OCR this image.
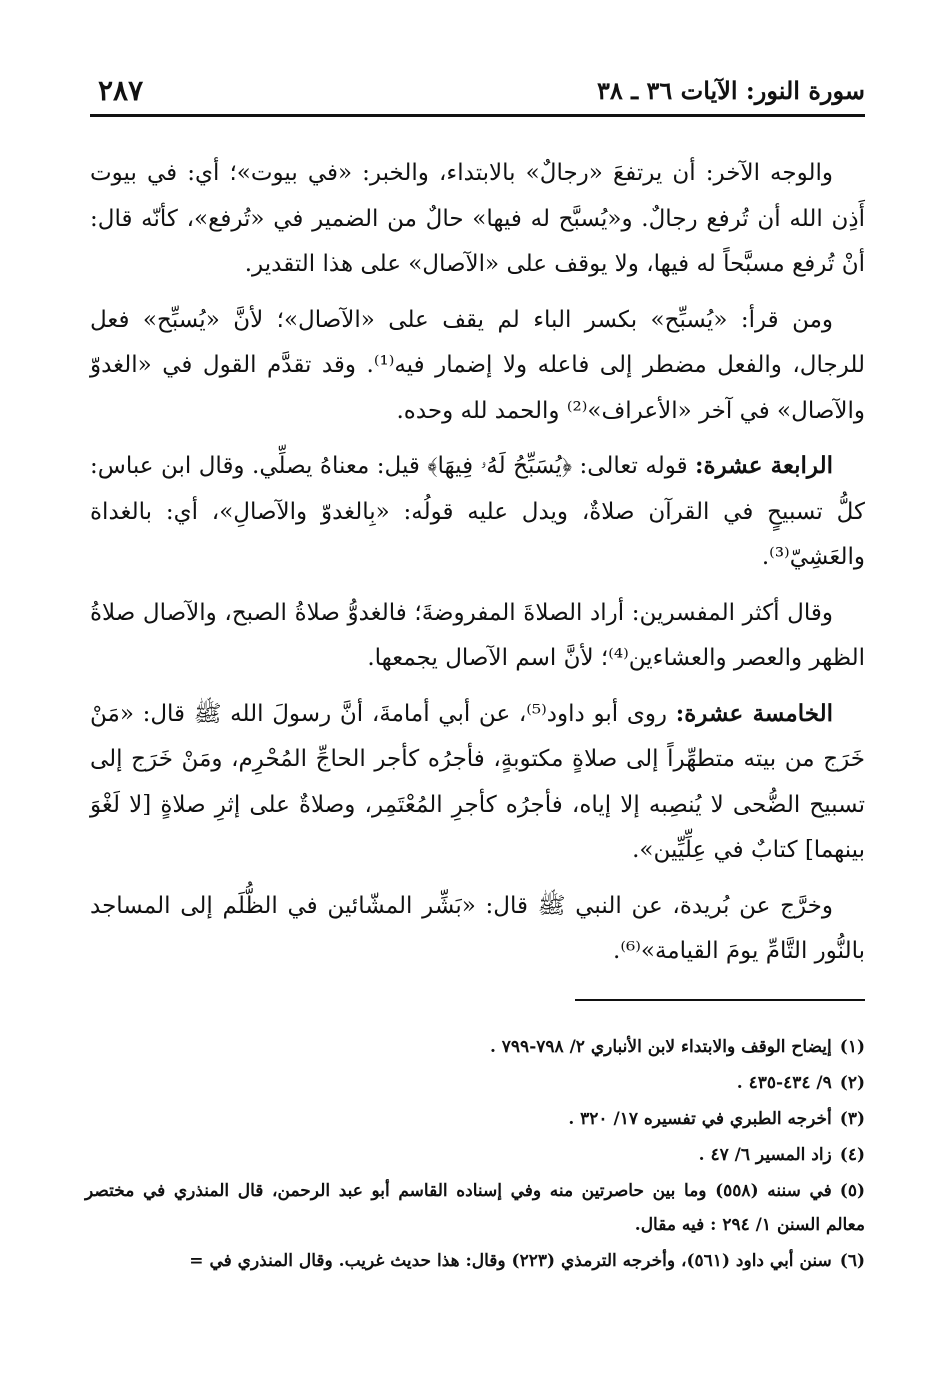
سورة النور: الآيات ٣٦ ـ ٣٨
٢٨٧

والوجه الآخر: أن يرتفعَ «رجالٌ» بالابتداء، والخبر: «في بيوت»؛ أي: في بيوت أَذِن الله أن تُرفع رجالٌ. و«يُسبَّح له فيها» حالٌ من الضمير في «تُرفع»، كأنّه قال: أنْ تُرفع مسبَّحاً له فيها، ولا يوقف على «الآصال» على هذا التقدير.

ومن قرأ: «يُسبِّح» بكسر الباء لم يقف على «الآصال»؛ لأنَّ «يُسبِّح» فعل للرجال، والفعل مضطر إلى فاعله ولا إضمار فيه⁽¹⁾. وقد تقدَّم القول في «الغدوّ والآصال» في آخر «الأعراف»⁽²⁾ والحمد لله وحده.

الرابعة عشرة: قوله تعالى: ﴿يُسَبِّحُ لَهُۥ فِيهَا﴾ قيل: معناهُ يصلِّي. وقال ابن عباس: كلُّ تسبيحٍ في القرآن صلاةٌ، ويدل عليه قولُه: «بِالغدوّ والآصالِ»، أي: بالغداة والعَشِيّ⁽³⁾.

وقال أكثر المفسرين: أراد الصلاةَ المفروضةَ؛ فالغدوُّ صلاةُ الصبح، والآصال صلاةُ الظهر والعصر والعشاءين⁽⁴⁾؛ لأنَّ اسم الآصال يجمعها.

الخامسة عشرة: روى أبو داود⁽⁵⁾، عن أبي أمامةَ، أنَّ رسولَ الله ﷺ قال: «مَنْ خَرَج من بيته متطهِّراً إلى صلاةٍ مكتوبةٍ، فأجرُه كأجر الحاجِّ المُحْرِم، ومَنْ خَرَج إلى تسبيح الضُّحى لا يُنصِبه إلا إياه، فأجرُه كأجرِ المُعْتَمِر، وصلاةٌ على إثرِ صلاةٍ [لا لَغْوَ بينهما] كتابٌ في عِلِّيِّين».

وخرَّج عن بُريدة، عن النبي ﷺ قال: «بَشِّر المشّائين في الظُّلَم إلى المساجد بالنُّور التَّامِّ يومَ القيامة»⁽⁶⁾.

(١)إيضاح الوقف والابتداء لابن الأنباري ٢/ ٧٩٨-٧٩٩ .
(٢)٩/ ٤٣٤-٤٣٥ .
(٣)أخرجه الطبري في تفسيره ١٧/ ٣٢٠ .
(٤)زاد المسير ٦/ ٤٧ .
(٥)في سننه (٥٥٨) وما بين حاصرتين منه وفي إسناده القاسم أبو عبد الرحمن، قال المنذري في مختصر معالم السنن ١/ ٢٩٤ : فيه مقال.
(٦)سنن أبي داود (٥٦١)، وأخرجه الترمذي (٢٢٣) وقال: هذا حديث غريب. وقال المنذري في =
